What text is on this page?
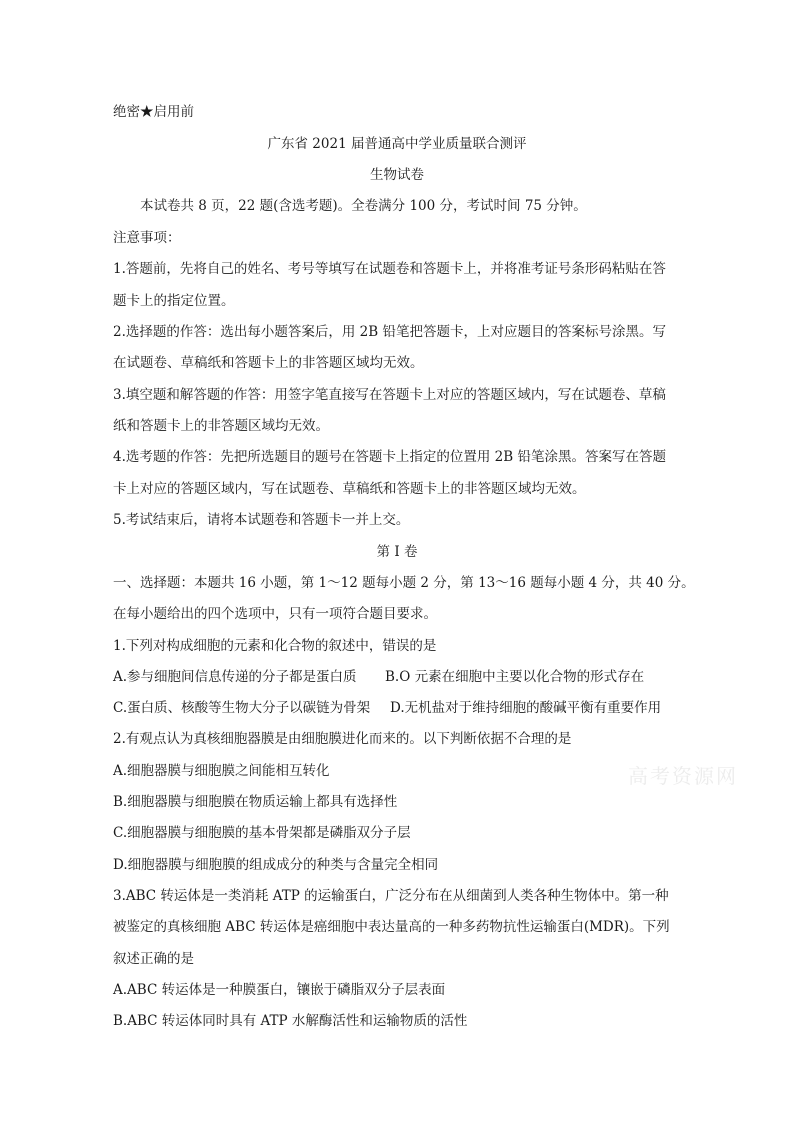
绝密★启用前
广东省 2021 届普通高中学业质量联合测评
生物试卷
本试卷共 8 页，22 题(含选考题)。全卷满分 100 分，考试时间 75 分钟。
注意事项：
1.答题前，先将自己的姓名、考号等填写在试题卷和答题卡上，并将准考证号条形码粘贴在答
题卡上的指定位置。
2.选择题的作答：选出每小题答案后，用 2B 铅笔把答题卡，上对应题目的答案标号涂黑。写
在试题卷、草稿纸和答题卡上的非答题区域均无效。
3.填空题和解答题的作答：用签字笔直接写在答题卡上对应的答题区域内，写在试题卷、草稿
纸和答题卡上的非答题区域均无效。
4.选考题的作答：先把所选题目的题号在答题卡上指定的位置用 2B 铅笔涂黑。答案写在答题
卡上对应的答题区域内，写在试题卷、草稿纸和答题卡上的非答题区域均无效。
5.考试结束后，请将本试题卷和答题卡一并上交。
第 I 卷
一、选择题：本题共 16 小题，第 1～12 题每小题 2 分，第 13～16 题每小题 4 分，共 40 分。
在每小题给出的四个选项中，只有一项符合题目要求。
1.下列对构成细胞的元素和化合物的叙述中，错误的是
A.参与细胞间信息传递的分子都是蛋白质 B.O 元素在细胞中主要以化合物的形式存在
C.蛋白质、核酸等生物大分子以碳链为骨架 D.无机盐对于维持细胞的酸碱平衡有重要作用
2.有观点认为真核细胞器膜是由细胞膜进化而来的。以下判断依据不合理的是
A.细胞器膜与细胞膜之间能相互转化
B.细胞器膜与细胞膜在物质运输上都具有选择性
C.细胞器膜与细胞膜的基本骨架都是磷脂双分子层
D.细胞器膜与细胞膜的组成成分的种类与含量完全相同
3.ABC 转运体是一类消耗 ATP 的运输蛋白，广泛分布在从细菌到人类各种生物体中。第一种
被鉴定的真核细胞 ABC 转运体是癌细胞中表达量高的一种多药物抗性运输蛋白(MDR)。下列
叙述正确的是
A.ABC 转运体是一种膜蛋白，镶嵌于磷脂双分子层表面
B.ABC 转运体同时具有 ATP 水解酶活性和运输物质的活性
高考资源网
